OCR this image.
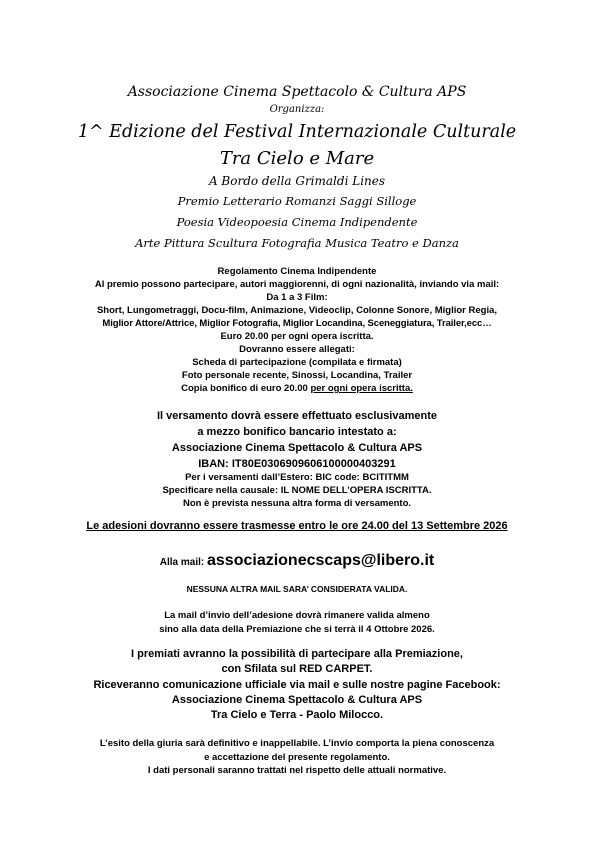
Associazione Cinema Spettacolo & Cultura APS
Organizza:
1^ Edizione del Festival Internazionale Culturale
Tra Cielo e Mare
A Bordo della Grimaldi Lines
Premio Letterario Romanzi Saggi Silloge
Poesia Videopoesia Cinema Indipendente
Arte Pittura Scultura Fotografia Musica Teatro e Danza
Regolamento Cinema Indipendente
Al premio possono partecipare, autori maggiorenni, di ogni nazionalità, inviando via mail:
Da 1 a 3 Film:
Short, Lungometraggi, Docu-film, Animazione, Videoclip, Colonne Sonore, Miglior Regia,
Miglior Attore/Attrice, Miglior Fotografia, Miglior Locandina, Sceneggiatura, Trailer,ecc…
Euro 20.00 per ogni opera iscritta.
Dovranno essere allegati:
Scheda di partecipazione (compilata e firmata)
Foto personale recente, Sinossi, Locandina, Trailer
Copia bonifico di euro 20.00 per ogni opera iscritta.
Il versamento dovrà essere effettuato esclusivamente
a mezzo bonifico bancario intestato a:
Associazione Cinema Spettacolo & Cultura APS
IBAN: IT80E0306909606100000403291
Per i versamenti dall’Estero: BIC code: BCITITMM
Specificare nella causale: IL NOME DELL’OPERA ISCRITTA.
Non è prevista nessuna altra forma di versamento.
Le adesioni dovranno essere trasmesse entro le ore 24.00 del 13 Settembre 2026
Alla mail: associazionecscaps@libero.it
NESSUNA ALTRA MAIL SARA’ CONSIDERATA VALIDA.
La mail d’invio dell’adesione dovrà rimanere valida almeno
sino alla data della Premiazione che si terrà il 4 Ottobre 2026.
I premiati avranno la possibilità di partecipare alla Premiazione,
con Sfilata sul RED CARPET.
Riceveranno comunicazione ufficiale via mail e sulle nostre pagine Facebook:
Associazione Cinema Spettacolo & Cultura APS
Tra Cielo e Terra - Paolo Milocco.
L’esito della giuria sarà definitivo e inappellabile. L’invio comporta la piena conoscenza
e accettazione del presente regolamento.
I dati personali saranno trattati nel rispetto delle attuali normative.
